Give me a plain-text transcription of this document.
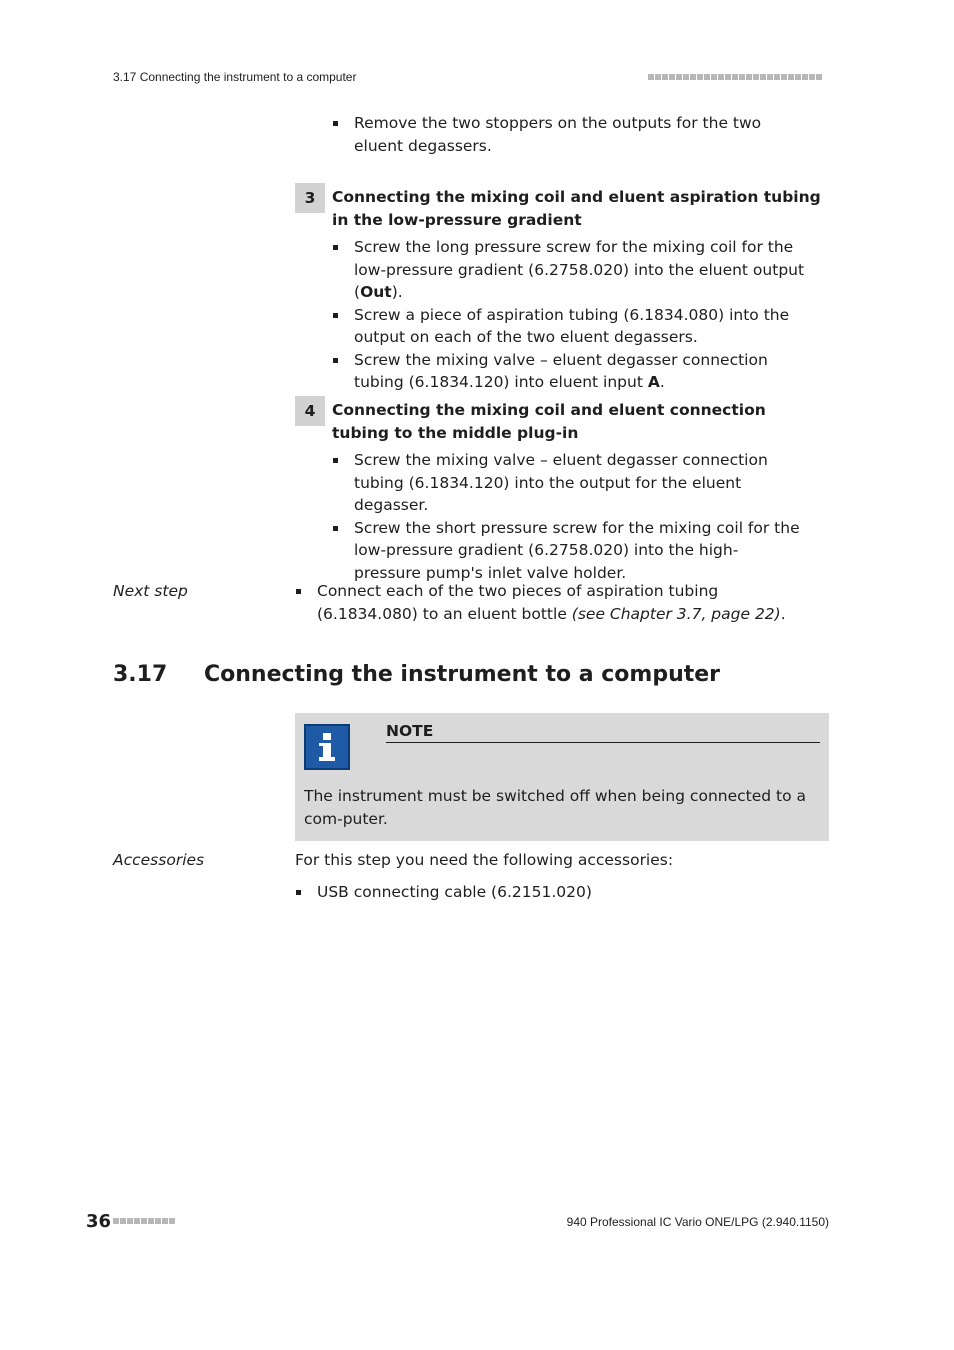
3.17 Connecting the instrument to a computer
Remove the two stoppers on the outputs for the two eluent degassers.
3	Connecting the mixing coil and eluent aspiration tubing in the low-pressure gradient
Screw the long pressure screw for the mixing coil for the low-pressure gradient (6.2758.020) into the eluent output (Out).
Screw a piece of aspiration tubing (6.1834.080) into the output on each of the two eluent degassers.
Screw the mixing valve – eluent degasser connection tubing (6.1834.120) into eluent input A.
4	Connecting the mixing coil and eluent connection tubing to the middle plug-in
Screw the mixing valve – eluent degasser connection tubing (6.1834.120) into the output for the eluent degasser.
Screw the short pressure screw for the mixing coil for the low-pressure gradient (6.2758.020) into the high-pressure pump's inlet valve holder.
Next step	Connect each of the two pieces of aspiration tubing (6.1834.080) to an eluent bottle (see Chapter 3.7, page 22).
3.17 Connecting the instrument to a computer
NOTE
The instrument must be switched off when being connected to a com-puter.
Accessories	For this step you need the following accessories:
USB connecting cable (6.2151.020)
36	940 Professional IC Vario ONE/LPG (2.940.1150)
